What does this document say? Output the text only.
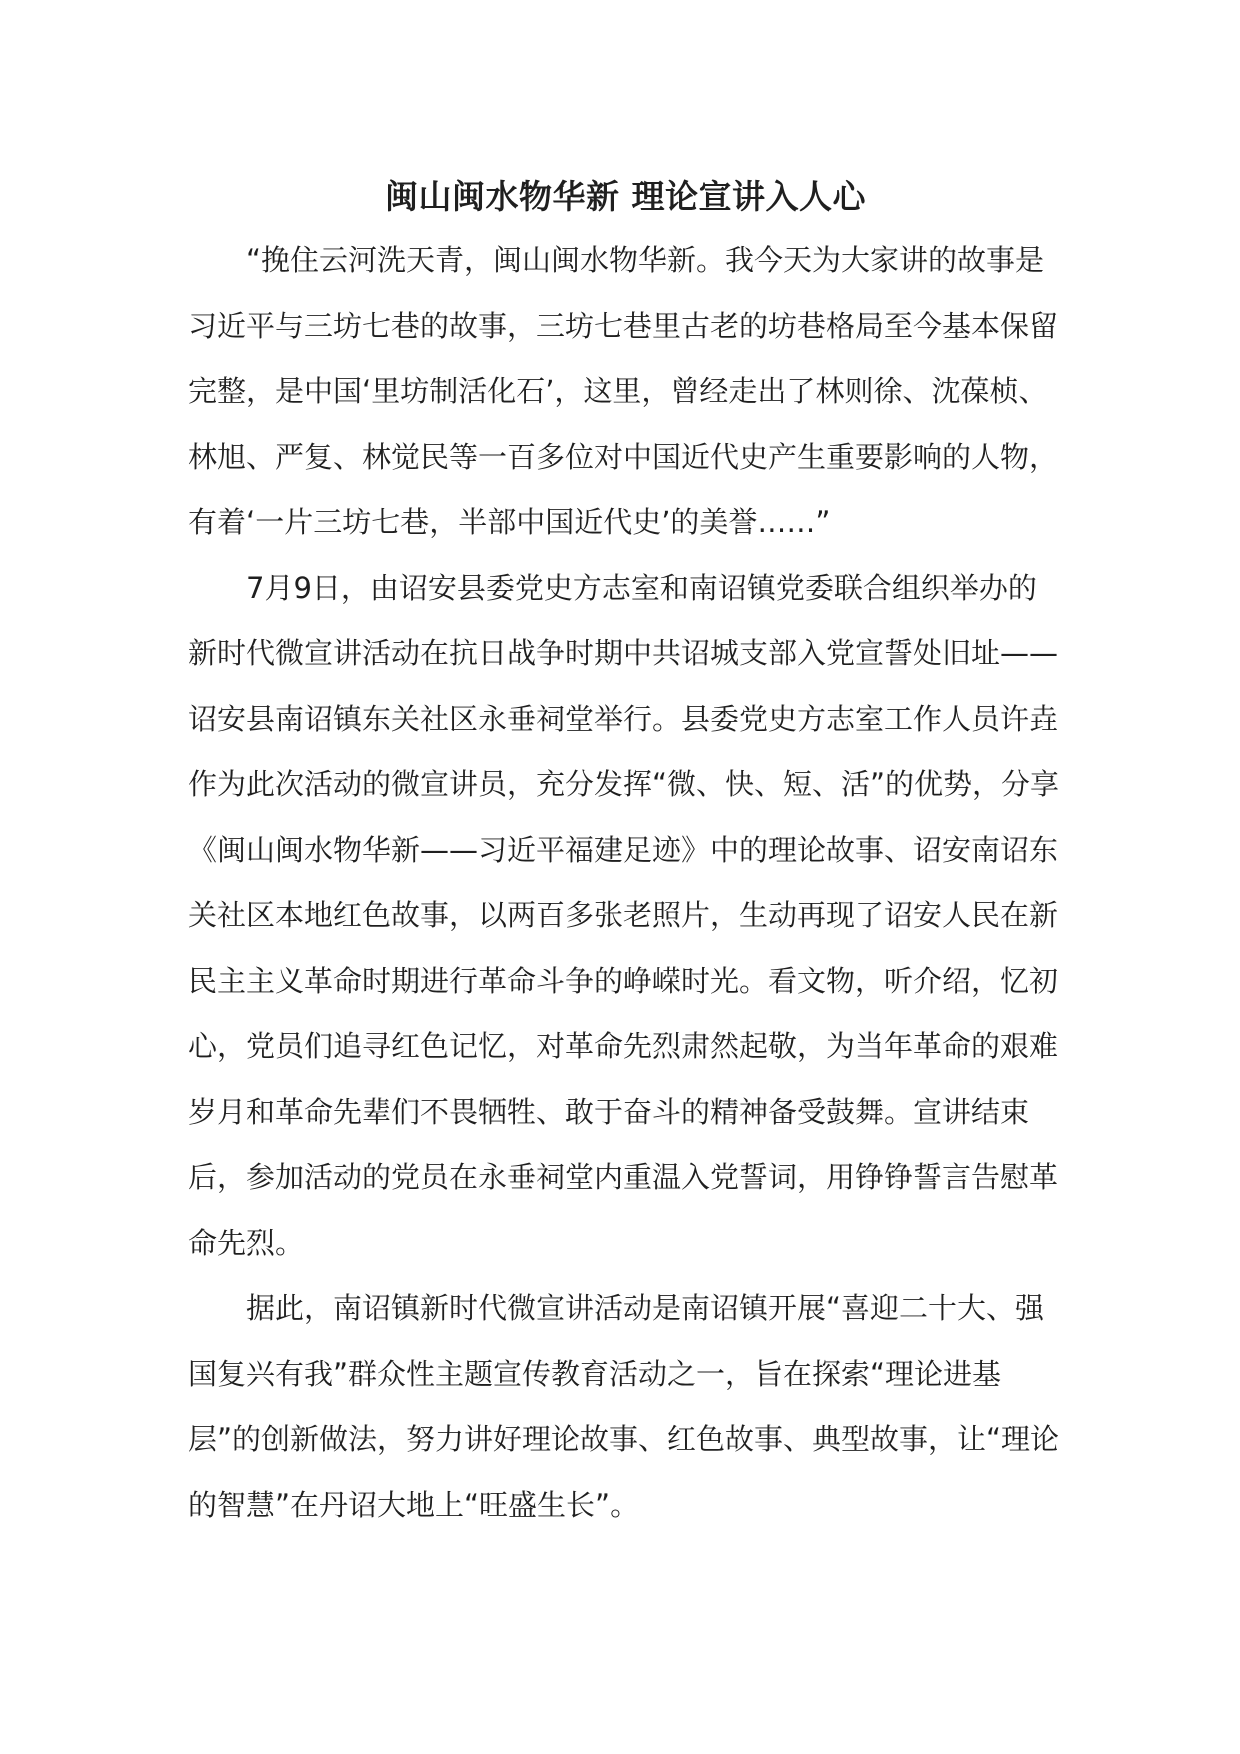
闽山闽水物华新 理论宣讲入人心

“挽住云河洗天青，闽山闽水物华新。我今天为大家讲的故事是习近平与三坊七巷的故事，三坊七巷里古老的坊巷格局至今基本保留完整，是中国‘里坊制活化石’，这里，曾经走出了林则徐、沈葆桢、林旭、严复、林觉民等一百多位对中国近代史产生重要影响的人物，有着‘一片三坊七巷，半部中国近代史’的美誉……”

7月9日，由诏安县委党史方志室和南诏镇党委联合组织举办的新时代微宣讲活动在抗日战争时期中共诏城支部入党宣誓处旧址——诏安县南诏镇东关社区永垂祠堂举行。县委党史方志室工作人员许垚作为此次活动的微宣讲员，充分发挥“微、快、短、活”的优势，分享《闽山闽水物华新——习近平福建足迹》中的理论故事、诏安南诏东关社区本地红色故事，以两百多张老照片，生动再现了诏安人民在新民主主义革命时期进行革命斗争的峥嵘时光。看文物，听介绍，忆初心，党员们追寻红色记忆，对革命先烈肃然起敬，为当年革命的艰难岁月和革命先辈们不畏牺牲、敢于奋斗的精神备受鼓舞。宣讲结束后，参加活动的党员在永垂祠堂内重温入党誓词，用铮铮誓言告慰革命先烈。

据此，南诏镇新时代微宣讲活动是南诏镇开展“喜迎二十大、强国复兴有我”群众性主题宣传教育活动之一，旨在探索“理论进基层”的创新做法，努力讲好理论故事、红色故事、典型故事，让“理论的智慧”在丹诏大地上“旺盛生长”。
